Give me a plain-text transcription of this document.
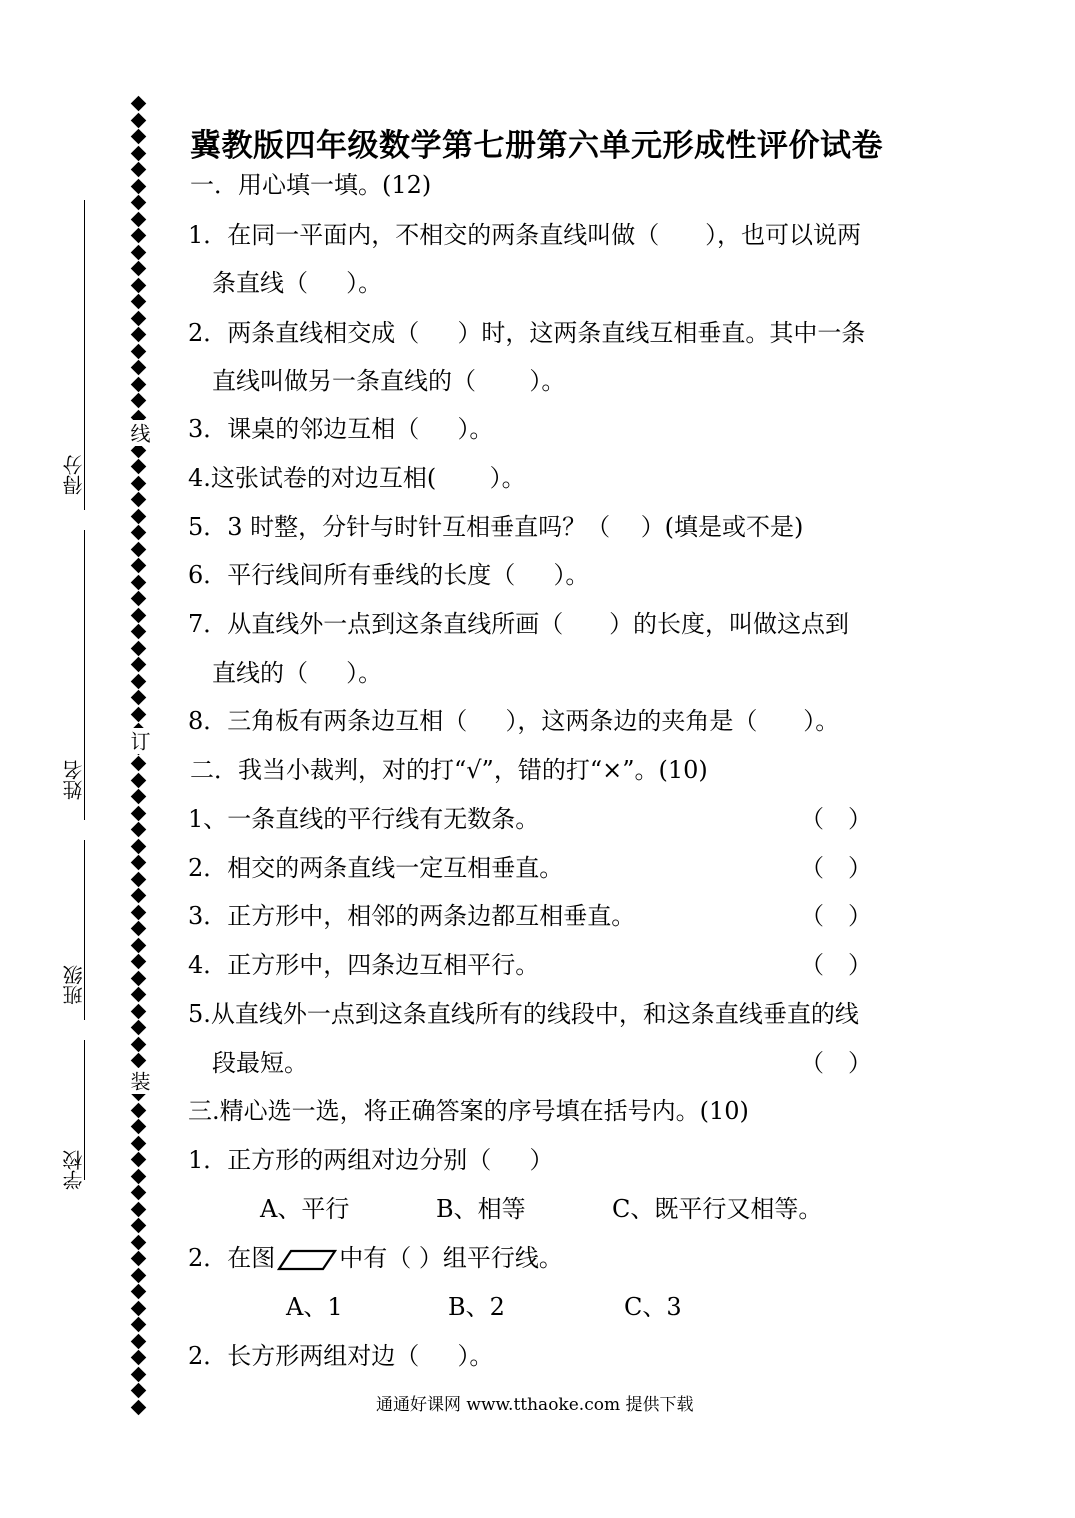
线
订
装
得分
姓名
班级
学校
冀教版四年级数学第七册第六单元形成性评价试卷
一．用心填一填。(12)
1．在同一平面内，不相交的两条直线叫做（ ），也可以说两
条直线（ ）。
2．两条直线相交成（ ）时，这两条直线互相垂直。其中一条
直线叫做另一条直线的（ ）。
3．课桌的邻边互相（ ）。
4.这张试卷的对边互相( ）。
5．3 时整，分针与时针互相垂直吗？（ ）(填是或不是)
6．平行线间所有垂线的长度（ ）。
7．从直线外一点到这条直线所画（ ）的长度，叫做这点到
直线的（ ）。
8．三角板有两条边互相（ ），这两条边的夹角是（ ）。
二．我当小裁判，对的打“√”，错的打“×”。(10)
1、一条直线的平行线有无数条。	（　）
2．相交的两条直线一定互相垂直。	（　）
3．正方形中，相邻的两条边都互相垂直。	（　）
4．正方形中，四条边互相平行。	（　）
5.从直线外一点到这条直线所有的线段中，和这条直线垂直的线
段最短。	（　）
三.精心选一选，将正确答案的序号填在括号内。(10)
1．正方形的两组对边分别（ ）
A、平行	B、相等	C、既平行又相等。
2．在图	中有（ ）组平行线。
A、1	B、2	C、3
2．长方形两组对边（ ）。
通通好课网 www.tthaoke.com 提供下载
